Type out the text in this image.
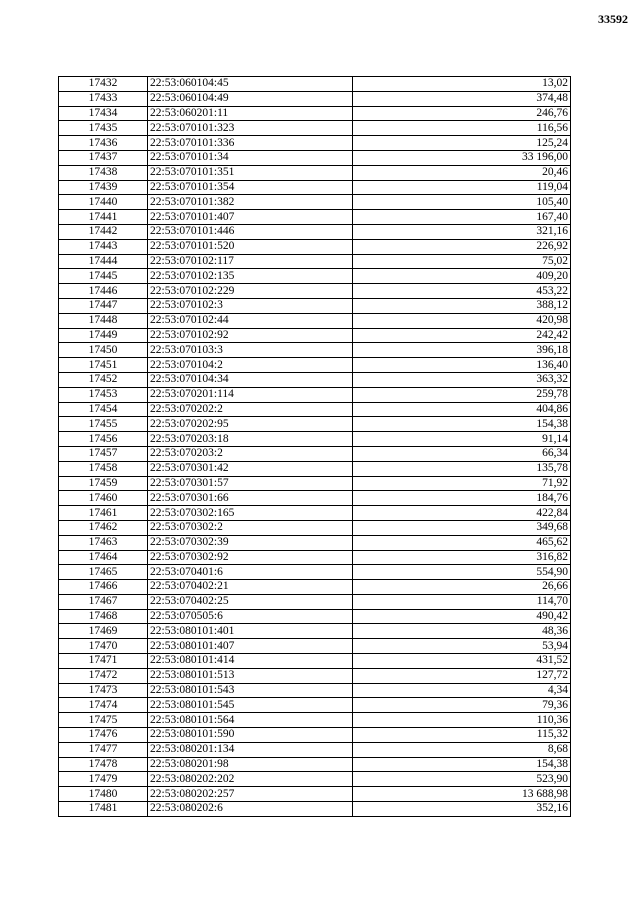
33592
17432	22:53:060104:45	13,02
17433	22:53:060104:49	374,48
17434	22:53:060201:11	246,76
17435	22:53:070101:323	116,56
17436	22:53:070101:336	125,24
17437	22:53:070101:34	33 196,00
17438	22:53:070101:351	20,46
17439	22:53:070101:354	119,04
17440	22:53:070101:382	105,40
17441	22:53:070101:407	167,40
17442	22:53:070101:446	321,16
17443	22:53:070101:520	226,92
17444	22:53:070102:117	75,02
17445	22:53:070102:135	409,20
17446	22:53:070102:229	453,22
17447	22:53:070102:3	388,12
17448	22:53:070102:44	420,98
17449	22:53:070102:92	242,42
17450	22:53:070103:3	396,18
17451	22:53:070104:2	136,40
17452	22:53:070104:34	363,32
17453	22:53:070201:114	259,78
17454	22:53:070202:2	404,86
17455	22:53:070202:95	154,38
17456	22:53:070203:18	91,14
17457	22:53:070203:2	66,34
17458	22:53:070301:42	135,78
17459	22:53:070301:57	71,92
17460	22:53:070301:66	184,76
17461	22:53:070302:165	422,84
17462	22:53:070302:2	349,68
17463	22:53:070302:39	465,62
17464	22:53:070302:92	316,82
17465	22:53:070401:6	554,90
17466	22:53:070402:21	26,66
17467	22:53:070402:25	114,70
17468	22:53:070505:6	490,42
17469	22:53:080101:401	48,36
17470	22:53:080101:407	53,94
17471	22:53:080101:414	431,52
17472	22:53:080101:513	127,72
17473	22:53:080101:543	4,34
17474	22:53:080101:545	79,36
17475	22:53:080101:564	110,36
17476	22:53:080101:590	115,32
17477	22:53:080201:134	8,68
17478	22:53:080201:98	154,38
17479	22:53:080202:202	523,90
17480	22:53:080202:257	13 688,98
17481	22:53:080202:6	352,16
